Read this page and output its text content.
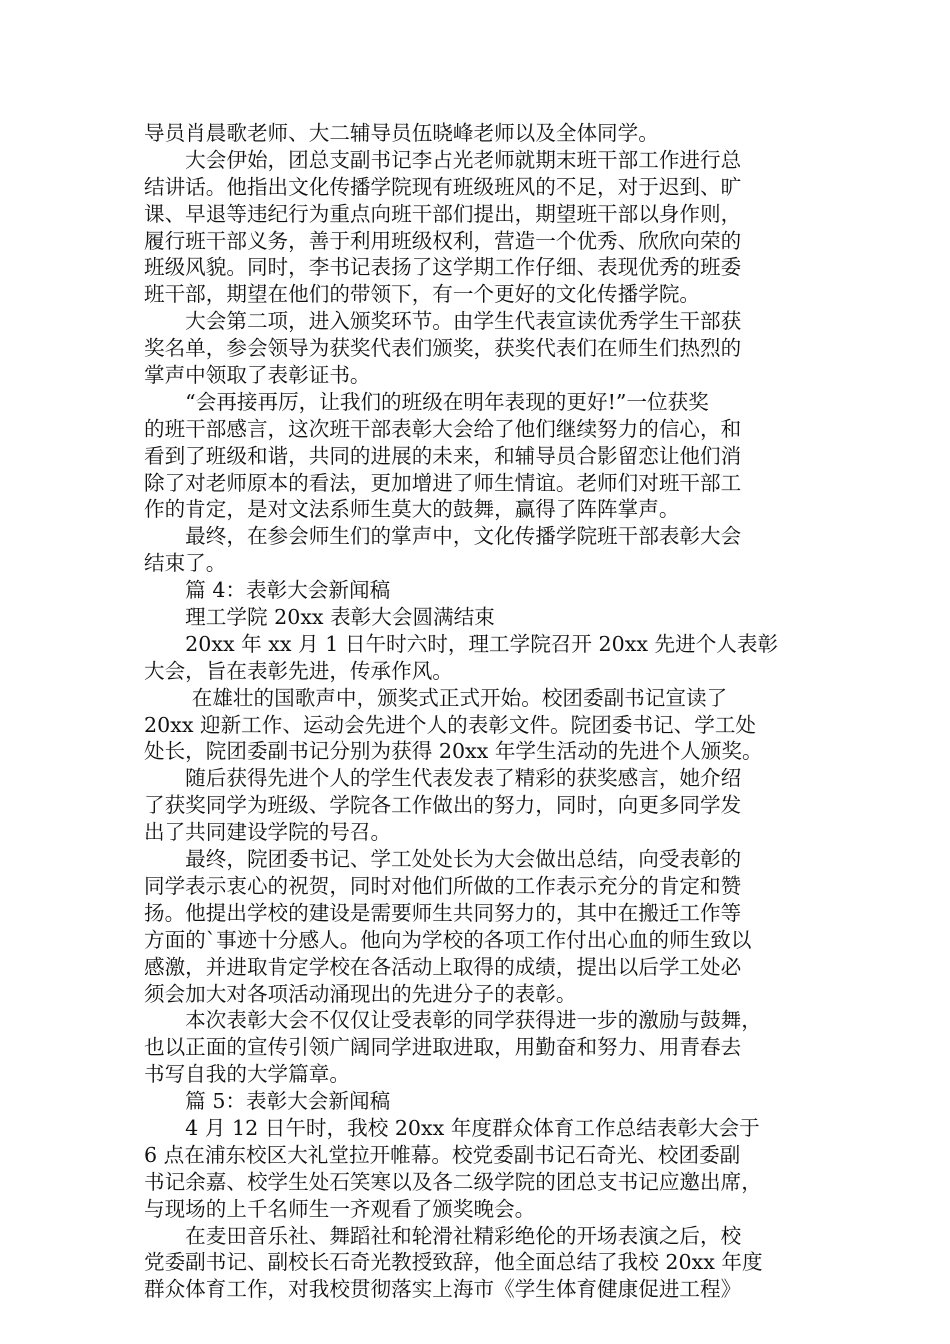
导员肖晨歌老师、大二辅导员伍晓峰老师以及全体同学。
　　大会伊始，团总支副书记李占光老师就期末班干部工作进行总
结讲话。他指出文化传播学院现有班级班风的不足，对于迟到、旷
课、早退等违纪行为重点向班干部们提出，期望班干部以身作则，
履行班干部义务，善于利用班级权利，营造一个优秀、欣欣向荣的
班级风貌。同时，李书记表扬了这学期工作仔细、表现优秀的班委
班干部，期望在他们的带领下，有一个更好的文化传播学院。
　　大会第二项，进入颁奖环节。由学生代表宣读优秀学生干部获
奖名单，参会领导为获奖代表们颁奖，获奖代表们在师生们热烈的
掌声中领取了表彰证书。
　　“会再接再厉，让我们的班级在明年表现的更好!”一位获奖
的班干部感言，这次班干部表彰大会给了他们继续努力的信心，和
看到了班级和谐，共同的进展的未来，和辅导员合影留恋让他们消
除了对老师原本的看法，更加增进了师生情谊。老师们对班干部工
作的肯定，是对文法系师生莫大的鼓舞，赢得了阵阵掌声。
　　最终，在参会师生们的掌声中，文化传播学院班干部表彰大会
结束了。
　　篇 4：表彰大会新闻稿
　　理工学院 20xx 表彰大会圆满结束
　　20xx 年 xx 月 1 日午时六时，理工学院召开 20xx 先进个人表彰
大会，旨在表彰先进，传承作风。
　　 在雄壮的国歌声中，颁奖式正式开始。校团委副书记宣读了
20xx 迎新工作、运动会先进个人的表彰文件。院团委书记、学工处
处长，院团委副书记分别为获得 20xx 年学生活动的先进个人颁奖。
　　随后获得先进个人的学生代表发表了精彩的获奖感言，她介绍
了获奖同学为班级、学院各工作做出的努力，同时，向更多同学发
出了共同建设学院的号召。
　　最终，院团委书记、学工处处长为大会做出总结，向受表彰的
同学表示衷心的祝贺，同时对他们所做的工作表示充分的肯定和赞
扬。他提出学校的建设是需要师生共同努力的，其中在搬迁工作等
方面的`事迹十分感人。他向为学校的各项工作付出心血的师生致以
感激，并进取肯定学校在各活动上取得的成绩，提出以后学工处必
须会加大对各项活动涌现出的先进分子的表彰。
　　本次表彰大会不仅仅让受表彰的同学获得进一步的激励与鼓舞，
也以正面的宣传引领广阔同学进取进取，用勤奋和努力、用青春去
书写自我的大学篇章。
　　篇 5：表彰大会新闻稿
　　4 月 12 日午时，我校 20xx 年度群众体育工作总结表彰大会于
6 点在浦东校区大礼堂拉开帷幕。校党委副书记石奇光、校团委副
书记余嘉、校学生处石笑寒以及各二级学院的团总支书记应邀出席，
与现场的上千名师生一齐观看了颁奖晚会。
　　在麦田音乐社、舞蹈社和轮滑社精彩绝伦的开场表演之后，校
党委副书记、副校长石奇光教授致辞，他全面总结了我校 20xx 年度
群众体育工作，对我校贯彻落实上海市《学生体育健康促进工程》
